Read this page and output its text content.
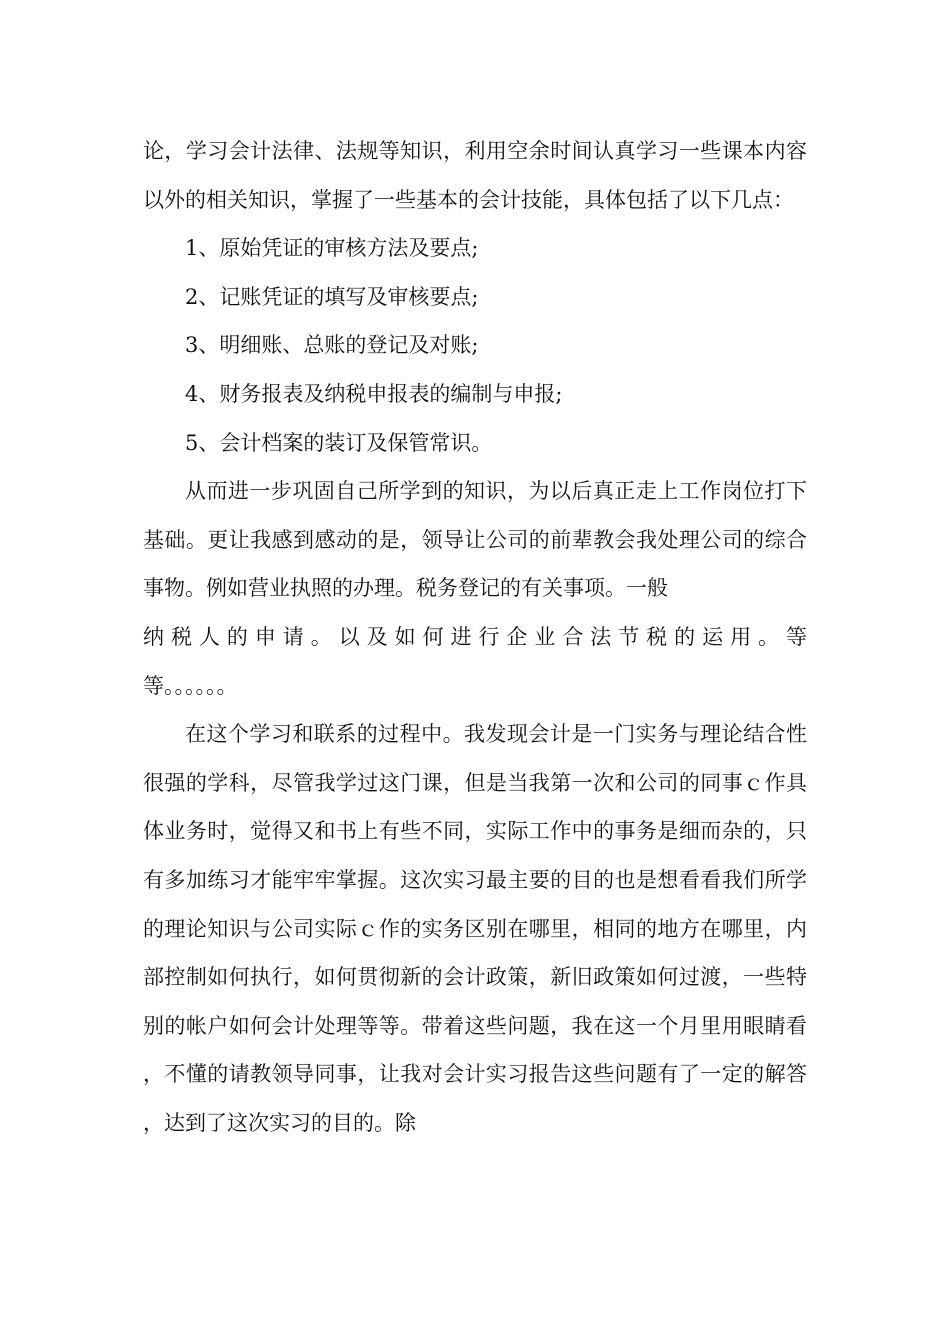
论，学习会计法律、法规等知识，利用空余时间认真学习一些课本内容以外的相关知识，掌握了一些基本的会计技能，具体包括了以下几点：

1、原始凭证的审核方法及要点;

2、记账凭证的填写及审核要点;

3、明细账、总账的登记及对账;

4、财务报表及纳税申报表的编制与申报;

5、会计档案的装订及保管常识。

从而进一步巩固自己所学到的知识，为以后真正走上工作岗位打下基础。更让我感到感动的是，领导让公司的前辈教会我处理公司的综合事物。例如营业执照的办理。税务登记的有关事项。一般

纳 税 人 的 申 请 。 以 及 如 何 进 行 企 业 合 法 节 税 的 运 用 。 等

等。。。。。。

在这个学习和联系的过程中。我发现会计是一门实务与理论结合性很强的学科，尽管我学过这门课，但是当我第一次和公司的同事ｃ作具体业务时，觉得又和书上有些不同，实际工作中的事务是细而杂的，只有多加练习才能牢牢掌握。这次实习最主要的目的也是想看看我们所学的理论知识与公司实际ｃ作的实务区别在哪里，相同的地方在哪里，内部控制如何执行，如何贯彻新的会计政策，新旧政策如何过渡，一些特别的帐户如何会计处理等等。带着这些问题，我在这一个月里用眼睛看，不懂的请教领导同事，让我对会计实习报告这些问题有了一定的解答，达到了这次实习的目的。除
